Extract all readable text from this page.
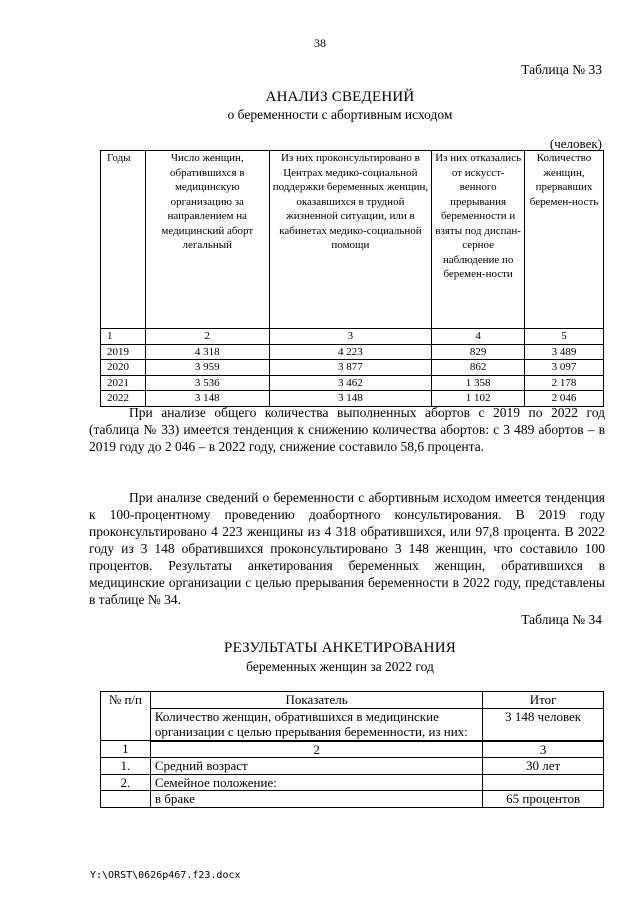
38
Таблица № 33
АНАЛИЗ СВЕДЕНИЙ
о беременности с абортивным исходом
(человек)
Годы	Число женщин, обратившихся в медицинскую организацию за направлением на медицинский аборт легальный	Из них проконсультировано в Центрах медико-социальной поддержки беременных женщин, оказавшихся в трудной жизненной ситуации, или в кабинетах медико-социальной помощи	Из них отказались от искусст-венного прерывания беременности и взяты под диспан-серное наблюдение по беремен-ности	Количество женщин, прервавших беремен-ность
1	2	3	4	5
2019	4 318	4 223	829	3 489
2020	3 959	3 877	862	3 097
2021	3 536	3 462	1 358	2 178
2022	3 148	3 148	1 102	2 046

При анализе общего количества выполненных абортов с 2019 по 2022 год (таблица № 33) имеется тенденция к снижению количества абортов: с 3 489 абортов – в 2019 году до 2 046 – в 2022 году, снижение составило 58,6 процента.

При анализе сведений о беременности с абортивным исходом имеется тенденция к 100-процентному проведению доабортного консультирования. В 2019 году проконсультировано 4 223 женщины из 4 318 обратившихся, или 97,8 процента. В 2022 году из 3 148 обратившихся проконсультировано 3 148 женщин, что составило 100 процентов. Результаты анкетирования беременных женщин, обратившихся в медицинские организации с целью прерывания беременности в 2022 году, представлены в таблице № 34.

Таблица № 34
РЕЗУЛЬТАТЫ АНКЕТИРОВАНИЯ
беременных женщин за 2022 год
№ п/п	Показатель	Итог
	Количество женщин, обратившихся в медицинские организации с целью прерывания беременности, из них:	3 148 человек
1	2	3
1.	Средний возраст	30 лет
2.	Семейное положение:	
	в браке	65 процентов
Y:\ORST\0626p467.f23.docx
